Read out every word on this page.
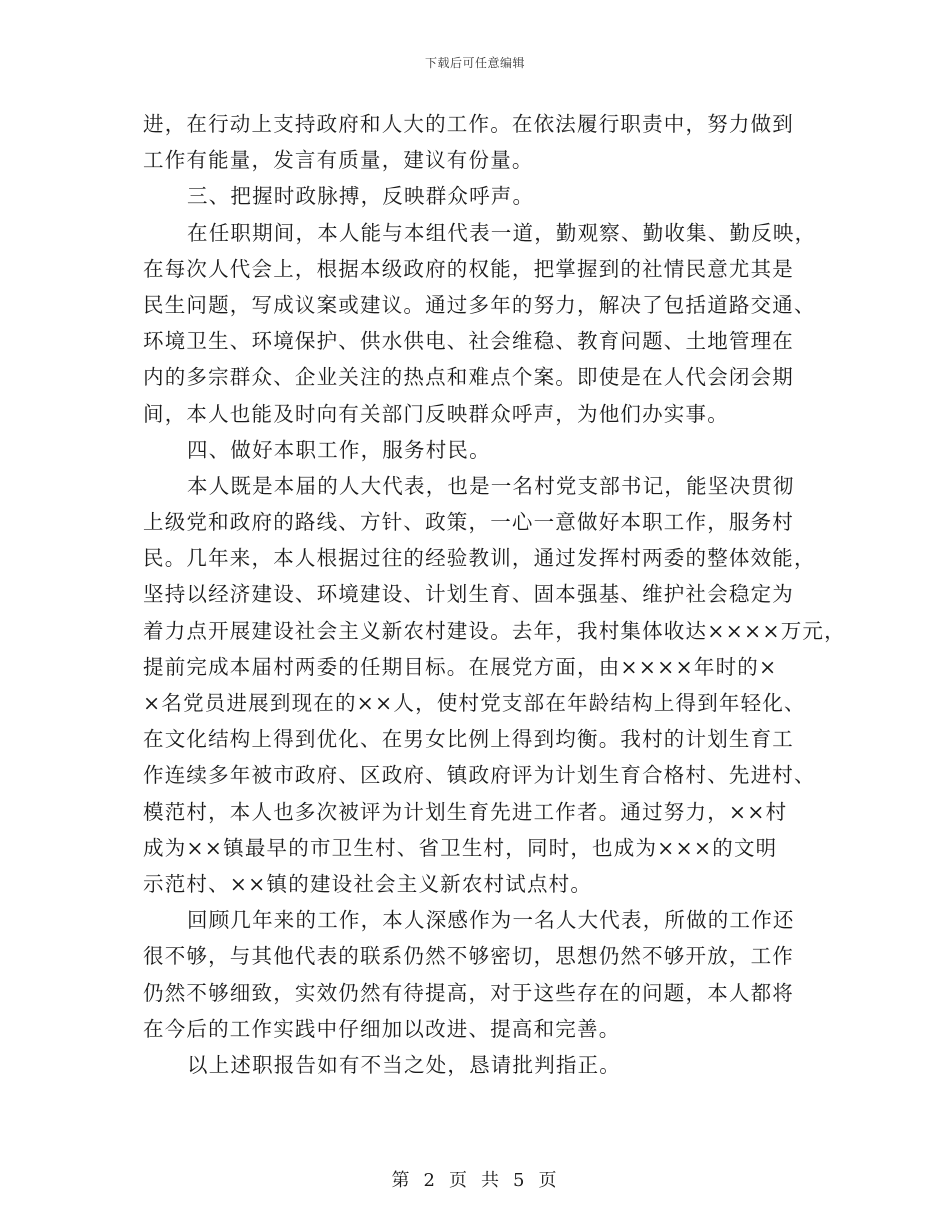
下载后可任意编辑
进，在行动上支持政府和人大的工作。在依法履行职责中，努力做到
工作有能量，发言有质量，建议有份量。
三、把握时政脉搏，反映群众呼声。
在任职期间，本人能与本组代表一道，勤观察、勤收集、勤反映，
在每次人代会上，根据本级政府的权能，把掌握到的社情民意尤其是
民生问题，写成议案或建议。通过多年的努力，解决了包括道路交通、
环境卫生、环境保护、供水供电、社会维稳、教育问题、土地管理在
内的多宗群众、企业关注的热点和难点个案。即使是在人代会闭会期
间，本人也能及时向有关部门反映群众呼声，为他们办实事。
四、做好本职工作，服务村民。
本人既是本届的人大代表，也是一名村党支部书记，能坚决贯彻
上级党和政府的路线、方针、政策，一心一意做好本职工作，服务村
民。几年来，本人根据过往的经验教训，通过发挥村两委的整体效能，
坚持以经济建设、环境建设、计划生育、固本强基、维护社会稳定为
着力点开展建设社会主义新农村建设。去年，我村集体收达××××万元，
提前完成本届村两委的任期目标。在展党方面，由××××年时的×
×名党员进展到现在的××人，使村党支部在年龄结构上得到年轻化、
在文化结构上得到优化、在男女比例上得到均衡。我村的计划生育工
作连续多年被市政府、区政府、镇政府评为计划生育合格村、先进村、
模范村，本人也多次被评为计划生育先进工作者。通过努力，××村
成为××镇最早的市卫生村、省卫生村，同时，也成为×××的文明
示范村、××镇的建设社会主义新农村试点村。
回顾几年来的工作，本人深感作为一名人大代表，所做的工作还
很不够，与其他代表的联系仍然不够密切，思想仍然不够开放，工作
仍然不够细致，实效仍然有待提高，对于这些存在的问题，本人都将
在今后的工作实践中仔细加以改进、提高和完善。
以上述职报告如有不当之处，恳请批判指正。
第 2 页 共 5 页
